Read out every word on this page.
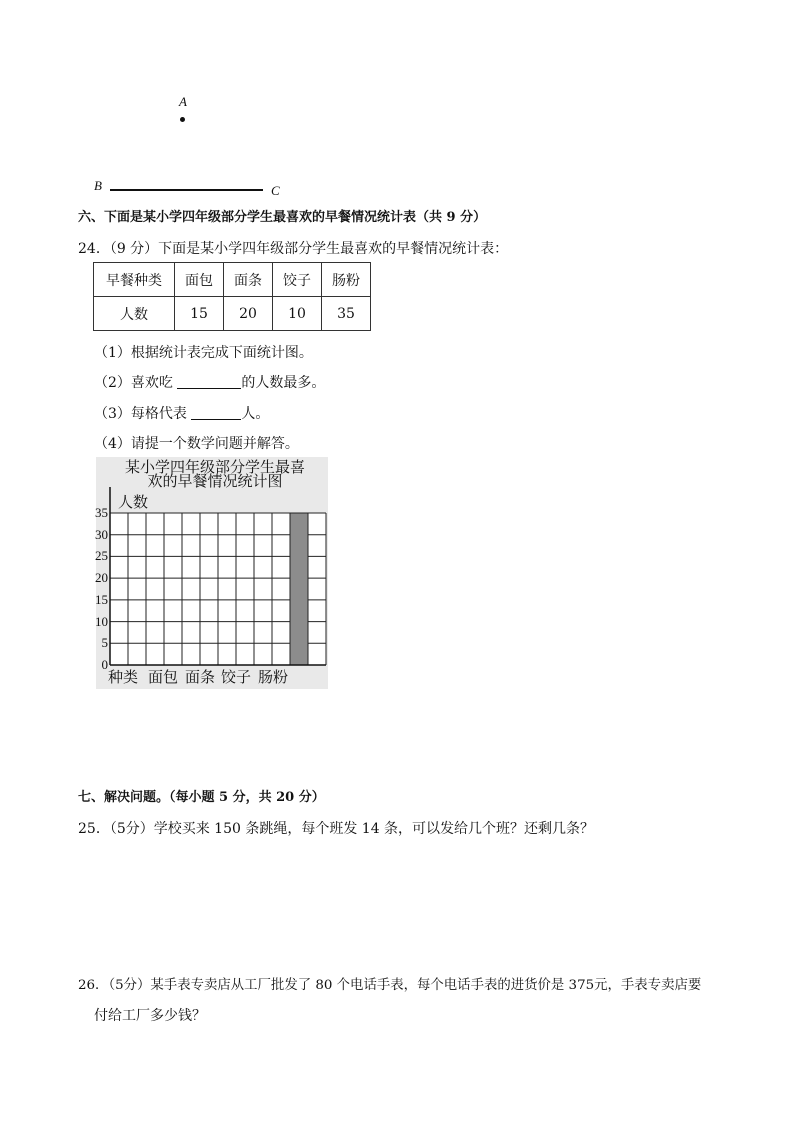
A
B	C
六、下面是某小学四年级部分学生最喜欢的早餐情况统计表（共 9 分）
24．（9 分）下面是某小学四年级部分学生最喜欢的早餐情况统计表：
早餐种类	面包	面条	饺子	肠粉
人数	15	20	10	35
（1）根据统计表完成下面统计图。
（2）喜欢吃	的人数最多。
（3）每格代表	人。
（4）请提一个数学问题并解答。
某小学四年级部分学生最喜
欢的早餐情况统计图
人数
0
5
10
15
20
25
30
35
种类 面包 面条 饺子 肠粉
七、解决问题。（每小题 5 分，共 20 分）
25．（5分）学校买来 150 条跳绳，每个班发 14 条，可以发给几个班？还剩几条？
26．（5分）某手表专卖店从工厂批发了 80 个电话手表，每个电话手表的进货价是 375元，手表专卖店要
付给工厂多少钱？
